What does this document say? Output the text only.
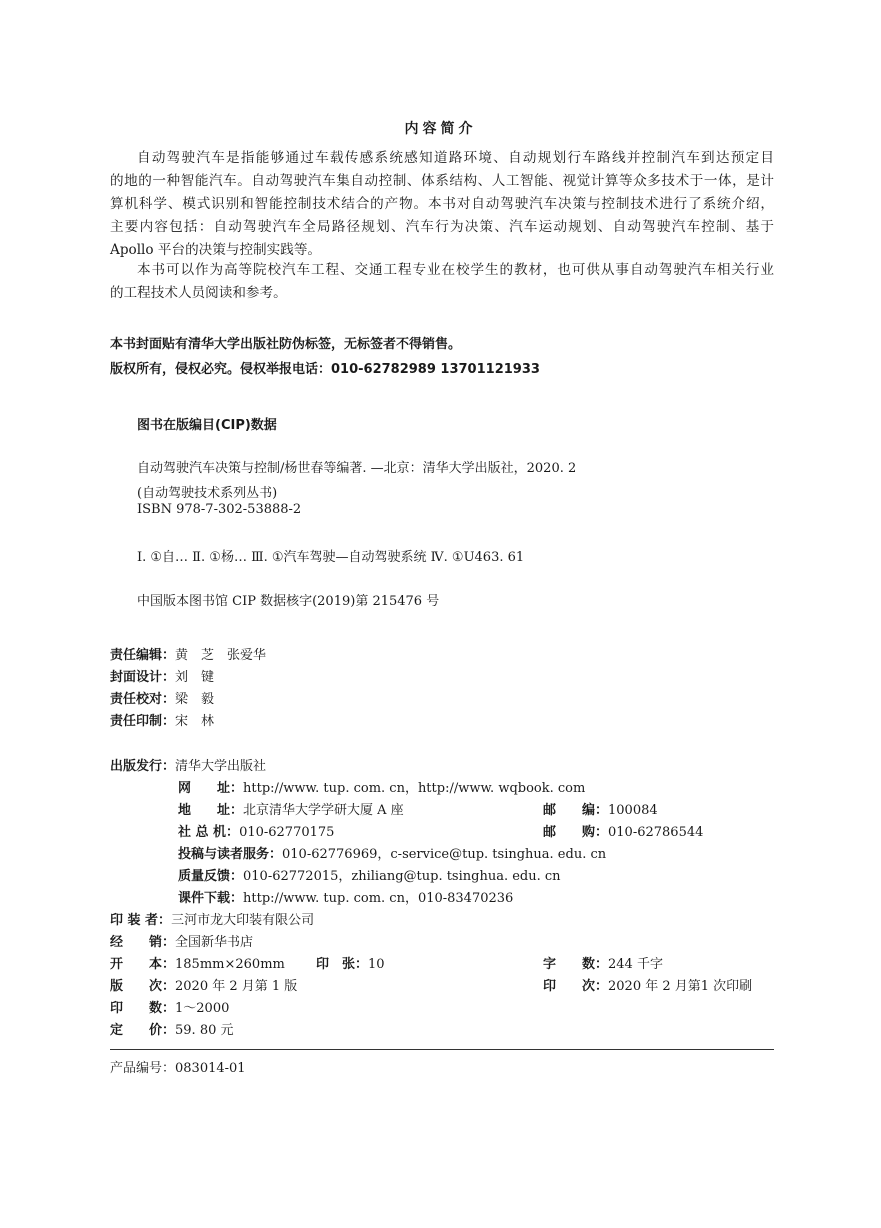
内容简介
自动驾驶汽车是指能够通过车载传感系统感知道路环境、自动规划行车路线并控制汽车到达预定目
的地的一种智能汽车。自动驾驶汽车集自动控制、体系结构、人工智能、视觉计算等众多技术于一体，是计
算机科学、模式识别和智能控制技术结合的产物。本书对自动驾驶汽车决策与控制技术进行了系统介绍，
主要内容包括：自动驾驶汽车全局路径规划、汽车行为决策、汽车运动规划、自动驾驶汽车控制、基于
Apollo 平台的决策与控制实践等。
本书可以作为高等院校汽车工程、交通工程专业在校学生的教材，也可供从事自动驾驶汽车相关行业
的工程技术人员阅读和参考。
本书封面贴有清华大学出版社防伪标签，无标签者不得销售。
版权所有，侵权必究。侵权举报电话：010-62782989 13701121933
图书在版编目(CIP)数据
自动驾驶汽车决策与控制/杨世春等编著. —北京：清华大学出版社，2020. 2
(自动驾驶技术系列丛书)
ISBN 978-7-302-53888-2
Ⅰ. ①自… Ⅱ. ①杨… Ⅲ. ①汽车驾驶—自动驾驶系统 Ⅳ. ①U463. 61
中国版本图书馆 CIP 数据核字(2019)第 215476 号
责任编辑：黄　芝　张爱华
封面设计：刘　键
责任校对：梁　毅
责任印制：宋　林
出版发行：清华大学出版社
网　　址：http://www. tup. com. cn，http://www. wqbook. com
地　　址：北京清华大学学研大厦 A 座	邮　　编：100084
社 总 机：010-62770175	邮　　购：010-62786544
投稿与读者服务：010-62776969，c-service@tup. tsinghua. edu. cn
质量反馈：010-62772015，zhiliang@tup. tsinghua. edu. cn
课件下载：http://www. tup. com. cn，010-83470236
印 装 者：三河市龙大印装有限公司
经　　销：全国新华书店
开　　本：185mm×260mm 印　张：10	字　　数：244 千字
版　　次：2020 年 2 月第 1 版	印　　次：2020 年 2 月第1 次印刷
印　　数：1～2000
定　　价：59. 80 元
产品编号：083014-01
